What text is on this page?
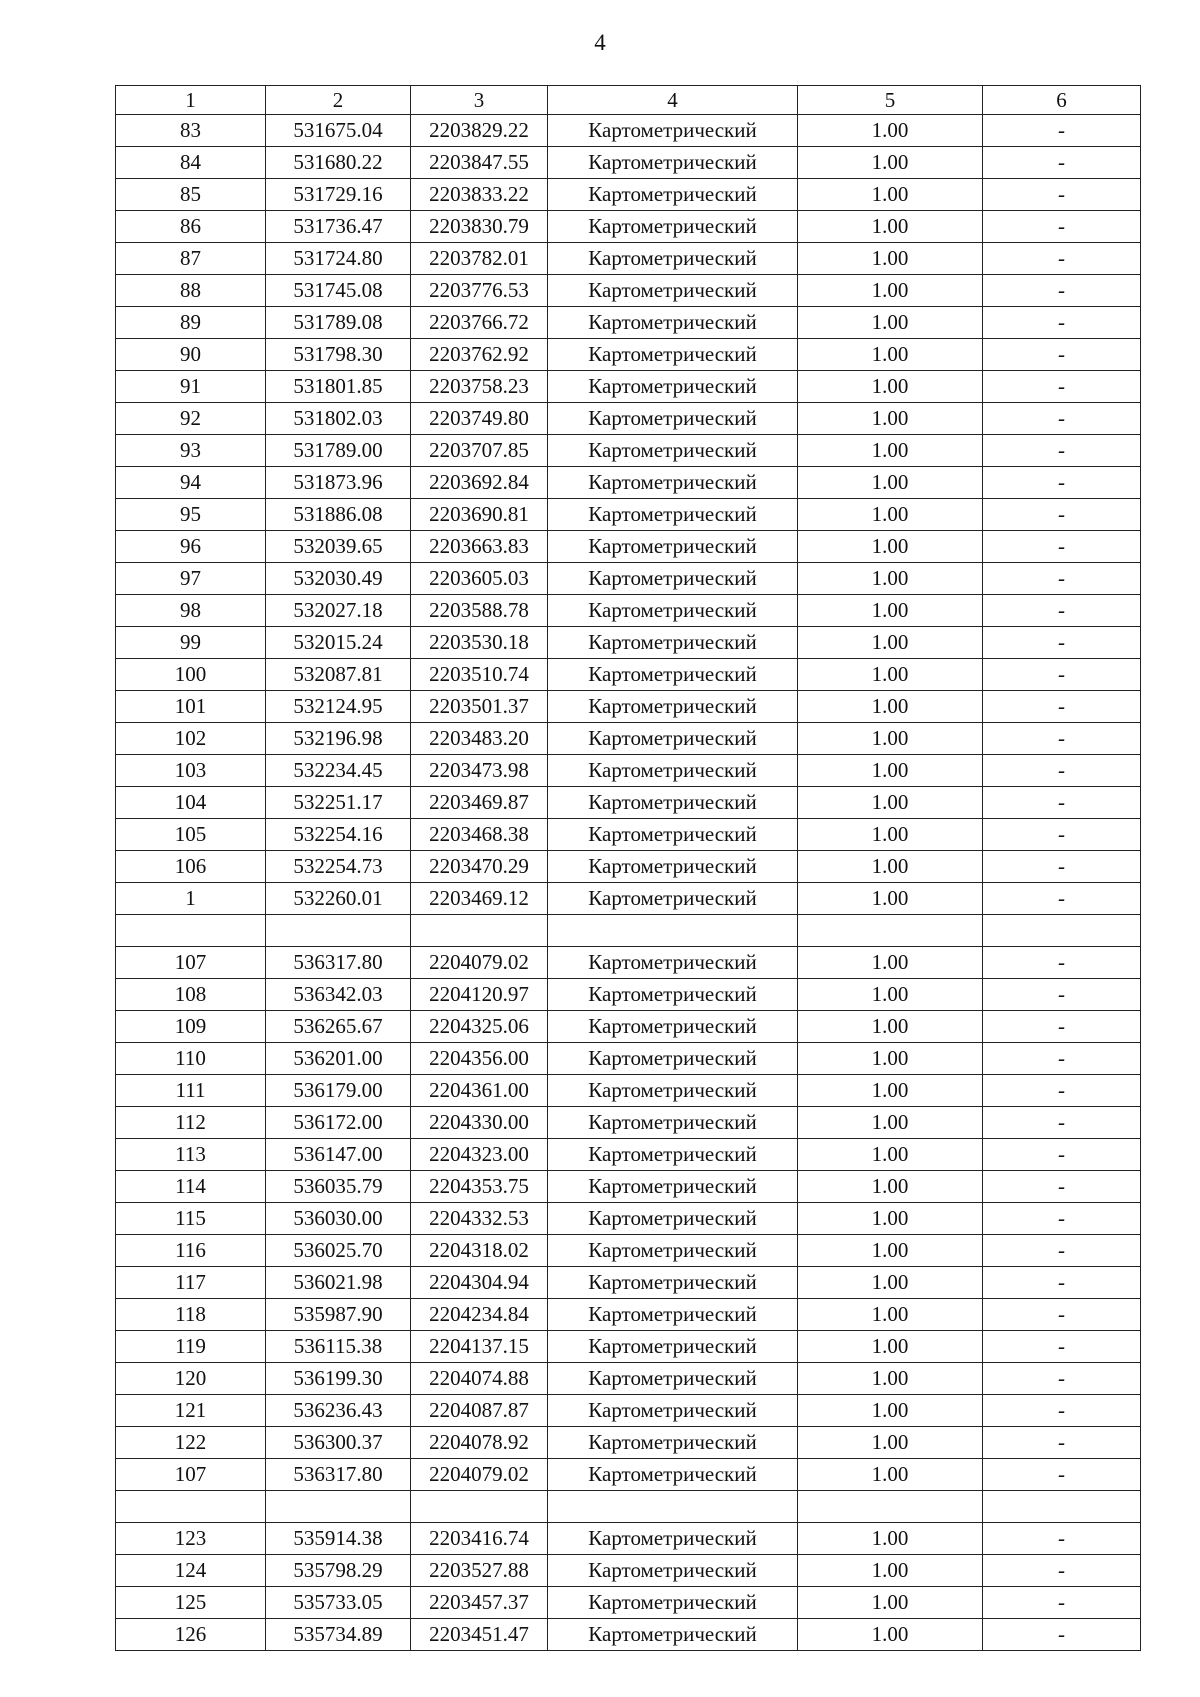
4
1	2	3	4	5	6
83	531675.04	2203829.22	Картометрический	1.00	-
84	531680.22	2203847.55	Картометрический	1.00	-
85	531729.16	2203833.22	Картометрический	1.00	-
86	531736.47	2203830.79	Картометрический	1.00	-
87	531724.80	2203782.01	Картометрический	1.00	-
88	531745.08	2203776.53	Картометрический	1.00	-
89	531789.08	2203766.72	Картометрический	1.00	-
90	531798.30	2203762.92	Картометрический	1.00	-
91	531801.85	2203758.23	Картометрический	1.00	-
92	531802.03	2203749.80	Картометрический	1.00	-
93	531789.00	2203707.85	Картометрический	1.00	-
94	531873.96	2203692.84	Картометрический	1.00	-
95	531886.08	2203690.81	Картометрический	1.00	-
96	532039.65	2203663.83	Картометрический	1.00	-
97	532030.49	2203605.03	Картометрический	1.00	-
98	532027.18	2203588.78	Картометрический	1.00	-
99	532015.24	2203530.18	Картометрический	1.00	-
100	532087.81	2203510.74	Картометрический	1.00	-
101	532124.95	2203501.37	Картометрический	1.00	-
102	532196.98	2203483.20	Картометрический	1.00	-
103	532234.45	2203473.98	Картометрический	1.00	-
104	532251.17	2203469.87	Картометрический	1.00	-
105	532254.16	2203468.38	Картометрический	1.00	-
106	532254.73	2203470.29	Картометрический	1.00	-
1	532260.01	2203469.12	Картометрический	1.00	-

107	536317.80	2204079.02	Картометрический	1.00	-
108	536342.03	2204120.97	Картометрический	1.00	-
109	536265.67	2204325.06	Картометрический	1.00	-
110	536201.00	2204356.00	Картометрический	1.00	-
111	536179.00	2204361.00	Картометрический	1.00	-
112	536172.00	2204330.00	Картометрический	1.00	-
113	536147.00	2204323.00	Картометрический	1.00	-
114	536035.79	2204353.75	Картометрический	1.00	-
115	536030.00	2204332.53	Картометрический	1.00	-
116	536025.70	2204318.02	Картометрический	1.00	-
117	536021.98	2204304.94	Картометрический	1.00	-
118	535987.90	2204234.84	Картометрический	1.00	-
119	536115.38	2204137.15	Картометрический	1.00	-
120	536199.30	2204074.88	Картометрический	1.00	-
121	536236.43	2204087.87	Картометрический	1.00	-
122	536300.37	2204078.92	Картометрический	1.00	-
107	536317.80	2204079.02	Картометрический	1.00	-

123	535914.38	2203416.74	Картометрический	1.00	-
124	535798.29	2203527.88	Картометрический	1.00	-
125	535733.05	2203457.37	Картометрический	1.00	-
126	535734.89	2203451.47	Картометрический	1.00	-
